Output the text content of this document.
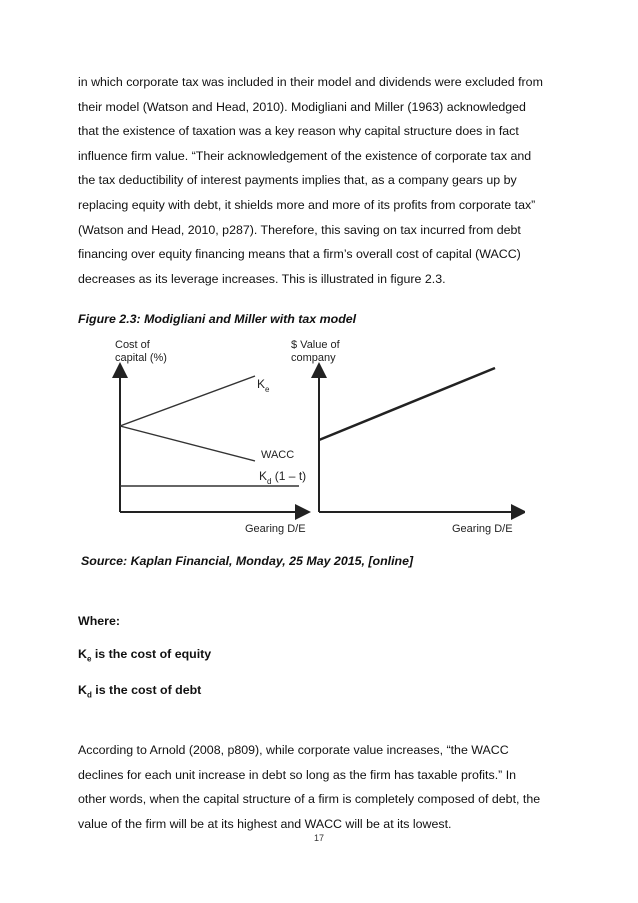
in which corporate tax was included in their model and dividends were excluded from
their model (Watson and Head, 2010). Modigliani and Miller (1963) acknowledged
that the existence of taxation was a key reason why capital structure does in fact
influence firm value. “Their acknowledgement of the existence of corporate tax and
the tax deductibility of interest payments implies that, as a company gears up by
replacing equity with debt, it shields more and more of its profits from corporate tax”
(Watson and Head, 2010, p287). Therefore, this saving on tax incurred from debt
financing over equity financing means that a firm’s overall cost of capital (WACC)
decreases as its leverage increases. This is illustrated in figure 2.3.
Figure 2.3: Modigliani and Miller with tax model
Cost of
capital (%)
$K_e$
WACC
$K_d$ (1 – t)
Gearing D/E
$ Value of
company
Gearing D/E
Source: Kaplan Financial, Monday, 25 May 2015, [online]
Where:
$K_e$ is the cost of equity
$K_d$ is the cost of debt
According to Arnold (2008, p809), while corporate value increases, “the WACC
declines for each unit increase in debt so long as the firm has taxable profits.” In
other words, when the capital structure of a firm is completely composed of debt, the
value of the firm will be at its highest and WACC will be at its lowest.
17
